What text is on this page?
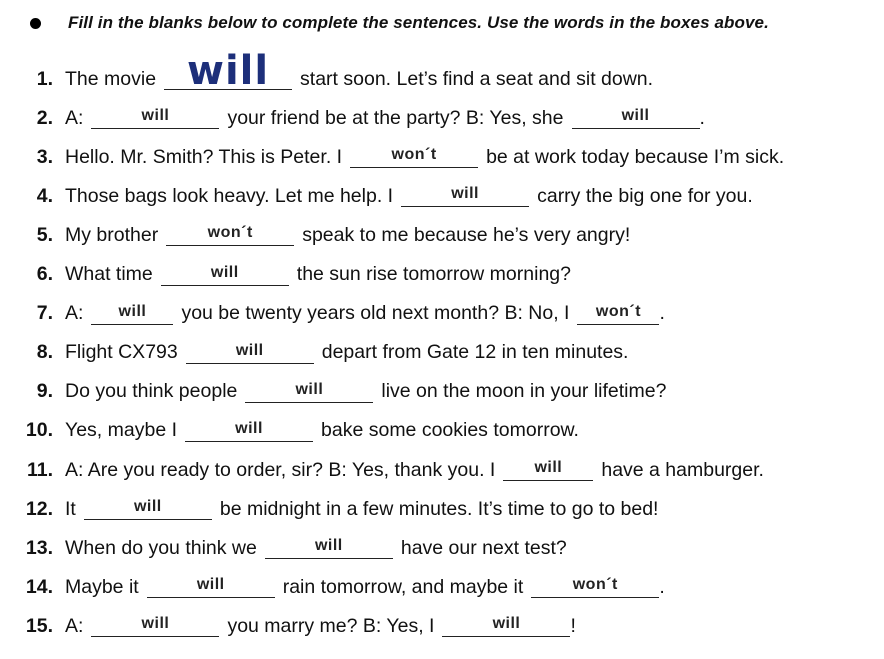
Fill in the blanks below to complete the sentences. Use the words in the boxes above.
1. The movie will	start soon. Let’s find a seat and sit down.
2. A:	will	your friend be at the party? B: Yes, she	will	.
3. Hello. Mr. Smith? This is Peter. I	won´t	be at work today because I’m sick.
4. Those bags look heavy. Let me help. I	will	carry the big one for you.
5. My brother	won´t	speak to me because he’s very angry!
6. What time	will	the sun rise tomorrow morning?
7. A:	will	you be twenty years old next month? B: No, I	won´t .
8. Flight CX793	will	depart from Gate 12 in ten minutes.
9. Do you think people	will	live on the moon in your lifetime?
10. Yes, maybe I	will	bake some cookies tomorrow.
11. A: Are you ready to order, sir? B: Yes, thank you. I	will	have a hamburger.
12. It	will	be midnight in a few minutes. It’s time to go to bed!
13. When do you think we	will	have our next test?
14. Maybe it	will	rain tomorrow, and maybe it	won´t	.
15. A:	will	you marry me? B: Yes, I	will	!
